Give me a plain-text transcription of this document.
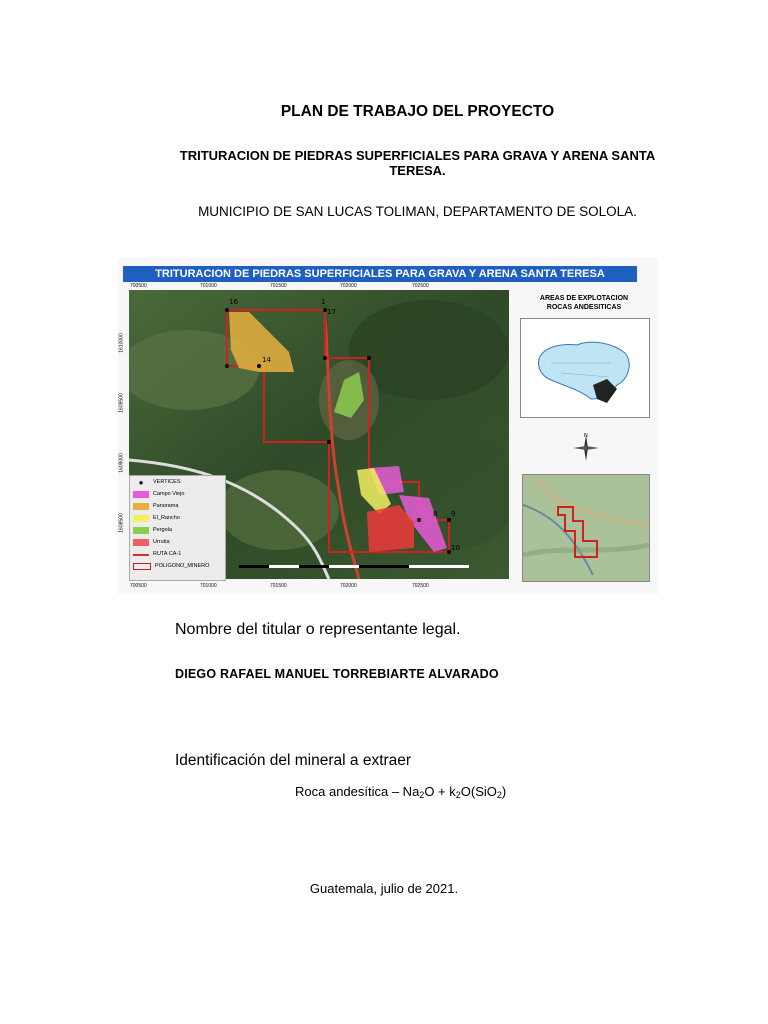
PLAN DE TRABAJO DEL PROYECTO
TRITURACION DE PIEDRAS SUPERFICIALES PARA GRAVA Y ARENA SANTA TERESA.
MUNICIPIO DE SAN LUCAS TOLIMAN, DEPARTAMENTO DE SOLOLA.
TRITURACION DE PIEDRAS SUPERFICIALES PARA GRAVA Y ARENA SANTA TERESA
16	1
17
14
8 9
10
700500	701000	701500	702000	702500
1610000
1609500
1609000
1608500
700500	701000	701500	702000	702500
●	VERTICES
Campo Viejo
Panorama
El_Rancho
Pergola
Urrutia
RUTA CA-1
POLIGONO_MINERO
AREAS DE EXPLOTACION
ROCAS ANDESITICAS
N
Nombre del titular o representante legal.
DIEGO RAFAEL MANUEL TORREBIARTE ALVARADO
Identificación del mineral a extraer
Roca andesítica – $Na_2O + k_2O(SiO_2)$
Guatemala, julio de 2021.
